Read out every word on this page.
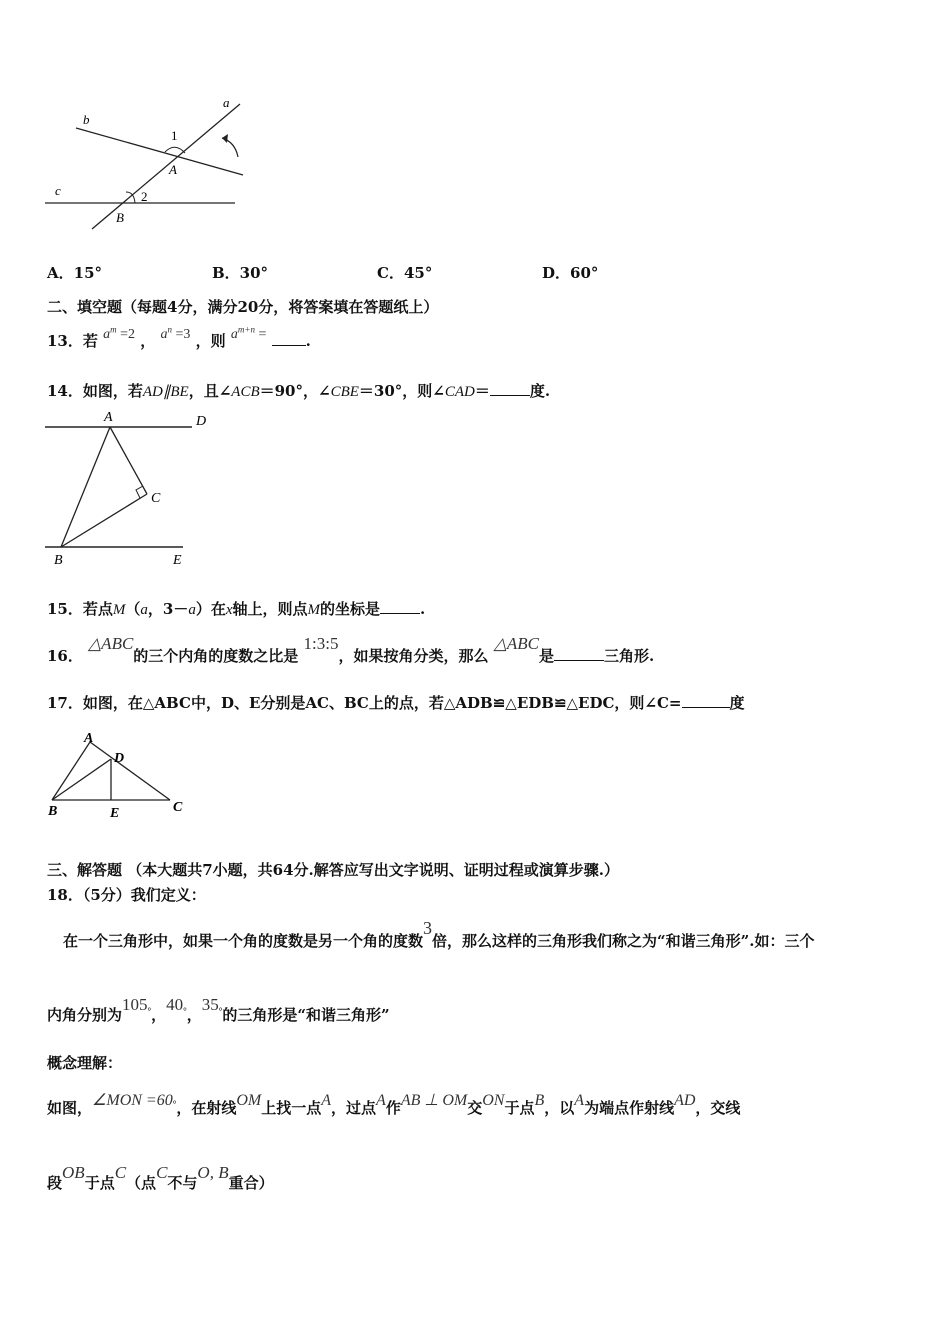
a
b
c
1
2
A
B
A．15°	B．30°	C．45°	D．60°
二、填空题（每题4分，满分20分，将答案填在答题纸上）
13．若 $a^m =2$ ， $a^n =3$ ，则 $a^{m+n}$ =	.
14．如图，若AD∥BE，且∠ACB＝90°，∠CBE＝30°，则∠CAD＝	度.
A	D
C
B	E
15．若点M（a，3－a）在x轴上，则点M的坐标是	.
16． △ABC的三个内角的度数之比是 1:3:5，如果按角分类，那么 △ABC是	三角形.
17．如图，在△ABC中，D、E分别是AC、BC上的点，若△ADB≌△EDB≌△EDC，则∠C=	度
A
D
B	E	C
三、解答题 （本大题共7小题，共64分.解答应写出文字说明、证明过程或演算步骤.）
18．（5分）我们定义：
在一个三角形中，如果一个角的度数是另一个角的度数3倍，那么这样的三角形我们称之为“和谐三角形”.如：三个
内角分别为105°，40°，35°的三角形是“和谐三角形”
概念理解：
如图，∠MON =60°，在射线OM上找一点A，过点A作AB ⊥ OM交ON于点B，以A为端点作射线AD，交线
段OB于点C（点C不与O, B重合）
